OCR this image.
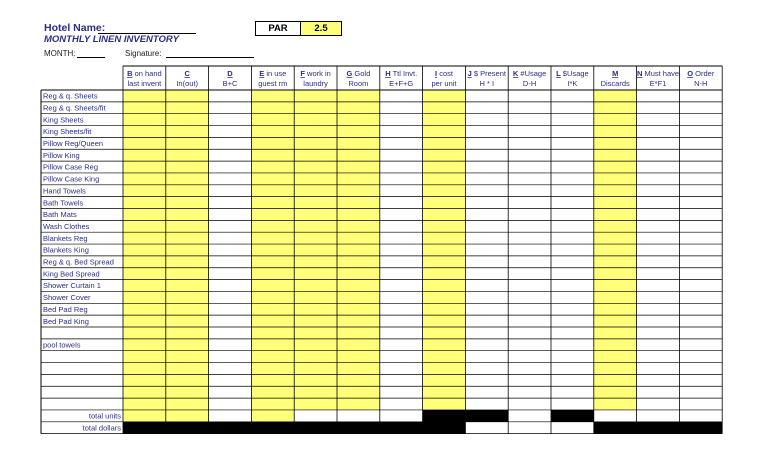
Hotel Name:
MONTHLY LINEN INVENTORY
MONTH:	Signature:
PAR	2.5
B on hand
last invent
C
In(out)
D
B+C
E in use
guest rm
F work in
laundry
G Gold
Room
H Ttl Invt.
E+F+G
I cost
per unit
J $ Present
H * I
K #Usage
D-H
L $Usage
I*K
M
Discards
N Must have
E*F1
O Order
N-H
Reg & q. Sheets
Reg & q. Sheets/fit
King Sheets
King Sheets/fit
Pillow Reg/Queen
Pillow King
Pillow Case Reg
Pillow Case King
Hand Towels
Bath Towels
Bath Mats
Wash Clothes
Blankets Reg
Blankets King
Reg & q. Bed Spread
King Bed Spread
Shower Curtain 1
Shower Cover
Bed Pad Reg
Bed Pad King
pool towels
total units
total dollars
